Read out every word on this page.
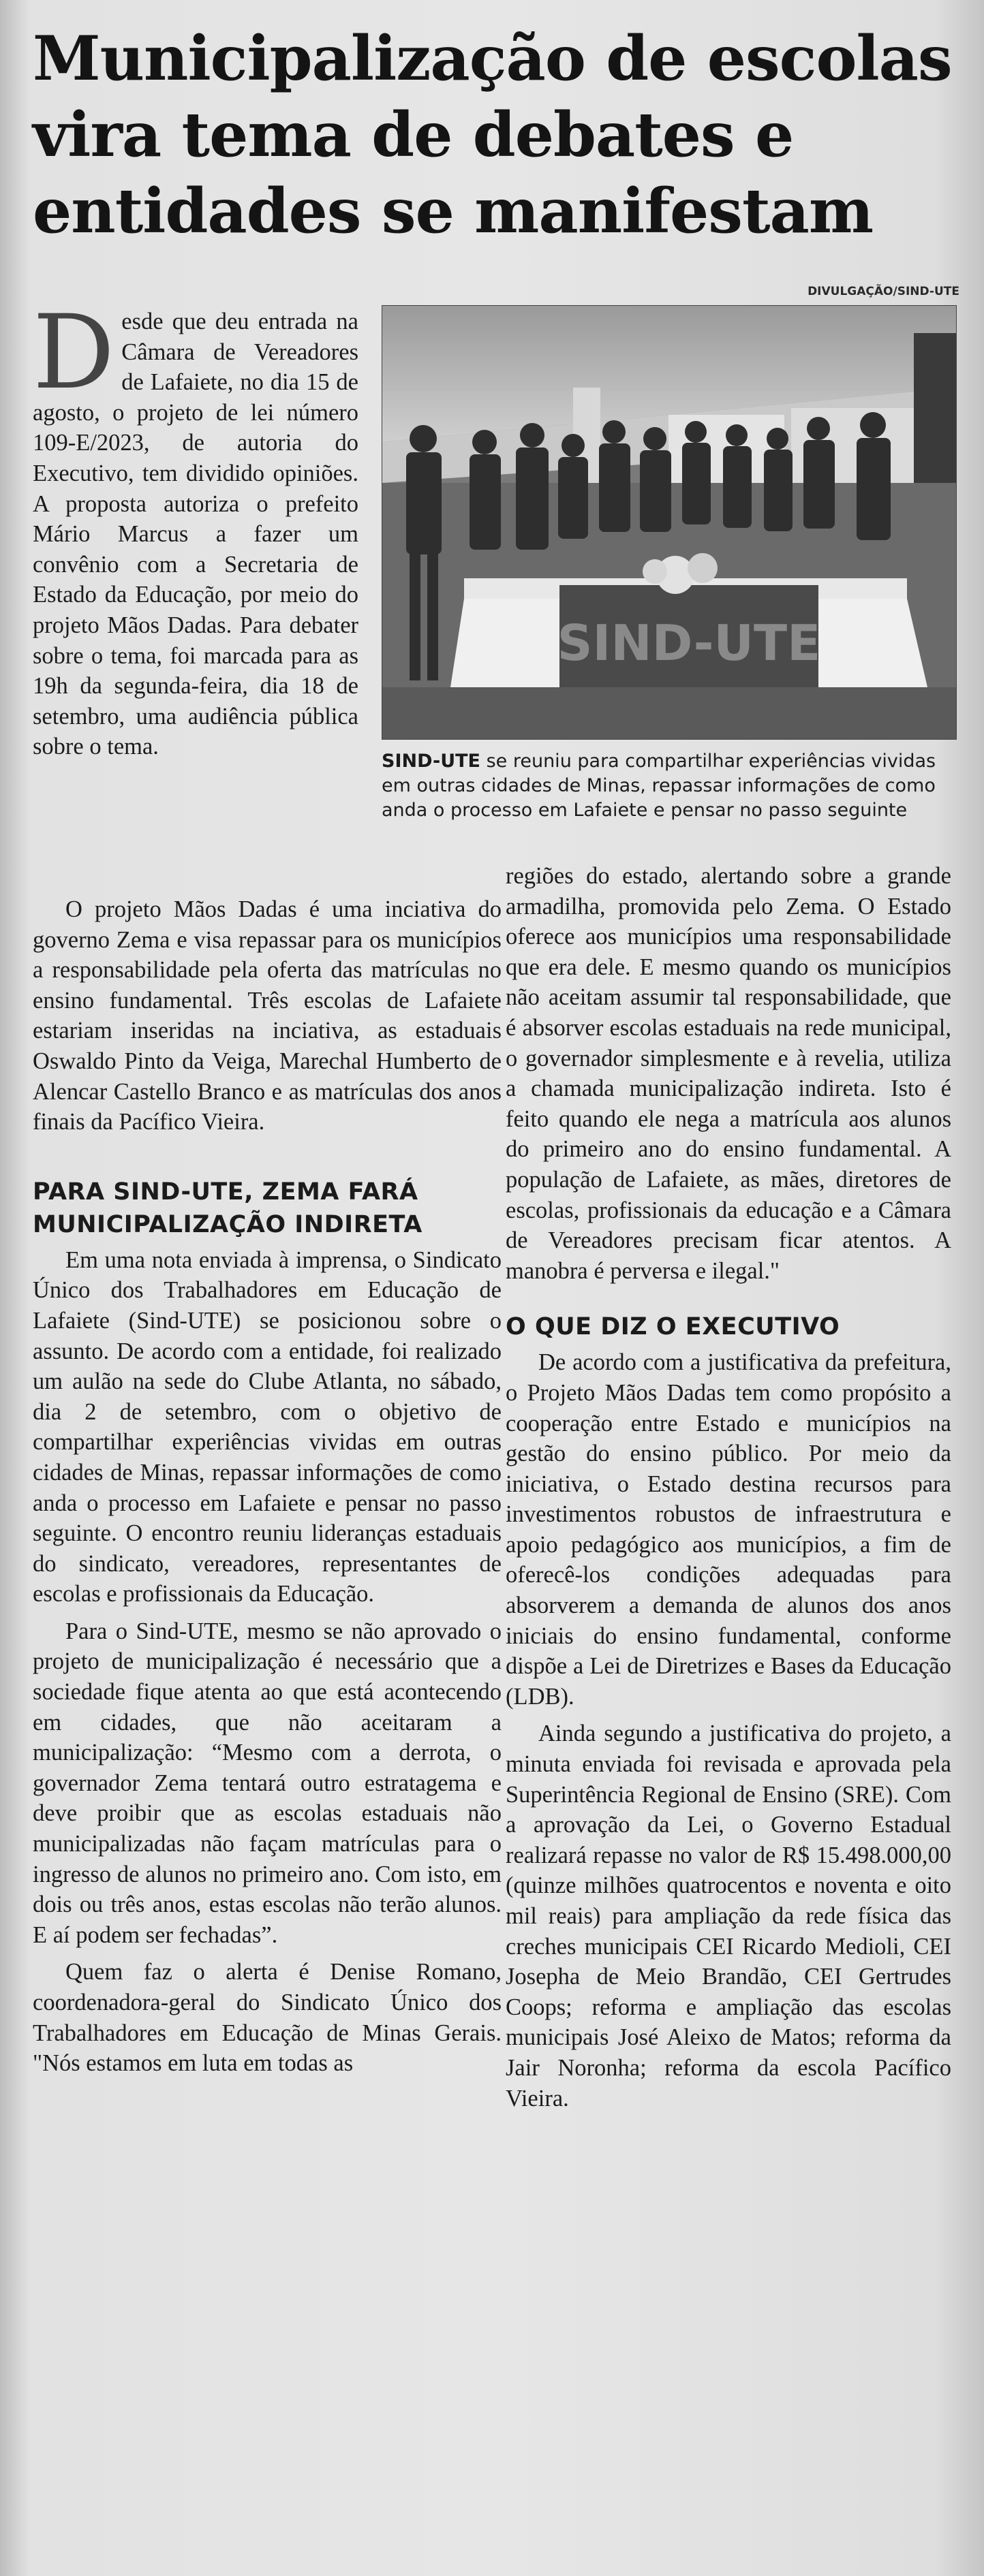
Municipalização de escolas vira tema de debates e entidades se manifestam
DIVULGAÇÃO/SIND-UTE
SIND-UTE
SIND-UTE se reuniu para compartilhar experiências vividas em outras cidades de Minas, repassar informações de como anda o processo em Lafaiete e pensar no passo seguinte

Desde que deu entrada na Câmara de Vereadores de Lafaiete, no dia 15 de agosto, o projeto de lei número 109-E/2023, de autoria do Executivo, tem dividido opiniões. A proposta autoriza o prefeito Mário Marcus a fazer um convênio com a Secretaria de Estado da Educação, por meio do projeto Mãos Dadas. Para debater sobre o tema, foi marcada para as 19h da segunda-feira, dia 18 de setembro, uma audiência pública sobre o tema.

O projeto Mãos Dadas é uma inciativa do governo Zema e visa repassar para os municípios a responsabilidade pela oferta das matrículas no ensino fundamental. Três escolas de Lafaiete estariam inseridas na inciativa, as estaduais Oswaldo Pinto da Veiga, Marechal Humberto de Alencar Castello Branco e as matrículas dos anos finais da Pacífico Vieira.

PARA SIND-UTE, ZEMA FARÁ MUNICIPALIZAÇÃO INDIRETA

Em uma nota enviada à imprensa, o Sindicato Único dos Trabalhadores em Educação de Lafaiete (Sind-UTE) se posicionou sobre o assunto. De acordo com a entidade, foi realizado um aulão na sede do Clube Atlanta, no sábado, dia 2 de setembro, com o objetivo de compartilhar experiências vividas em outras cidades de Minas, repassar informações de como anda o processo em Lafaiete e pensar no passo seguinte. O encontro reuniu lideranças estaduais do sindicato, vereadores, representantes de escolas e profissionais da Educação.

Para o Sind-UTE, mesmo se não aprovado o projeto de municipalização é necessário que a sociedade fique atenta ao que está acontecendo em cidades, que não aceitaram a municipalização: “Mesmo com a derrota, o governador Zema tentará outro estratagema e deve proibir que as escolas estaduais não municipalizadas não façam matrículas para o ingresso de alunos no primeiro ano. Com isto, em dois ou três anos, estas escolas não terão alunos. E aí podem ser fechadas”.

Quem faz o alerta é Denise Romano, coordenadora-geral do Sindicato Único dos Trabalhadores em Educação de Minas Gerais. "Nós estamos em luta em todas as

regiões do estado, alertando sobre a grande armadilha, promovida pelo Zema. O Estado oferece aos municípios uma responsabilidade que era dele. E mesmo quando os municípios não aceitam assumir tal responsabilidade, que é absorver escolas estaduais na rede municipal, o governador simplesmente e à revelia, utiliza a chamada municipalização indireta. Isto é feito quando ele nega a matrícula aos alunos do primeiro ano do ensino fundamental. A população de Lafaiete, as mães, diretores de escolas, profissionais da educação e a Câmara de Vereadores precisam ficar atentos. A manobra é perversa e ilegal."

O QUE DIZ O EXECUTIVO

De acordo com a justificativa da prefeitura, o Projeto Mãos Dadas tem como propósito a cooperação entre Estado e municípios na gestão do ensino público. Por meio da iniciativa, o Estado destina recursos para investimentos robustos de infraestrutura e apoio pedagógico aos municípios, a fim de oferecê-los condições adequadas para absorverem a demanda de alunos dos anos iniciais do ensino fundamental, conforme dispõe a Lei de Diretrizes e Bases da Educação (LDB).

Ainda segundo a justificativa do projeto, a minuta enviada foi revisada e aprovada pela Superintência Regional de Ensino (SRE). Com a aprovação da Lei, o Governo Estadual realizará repasse no valor de R$ 15.498.000,00 (quinze milhões quatrocentos e noventa e oito mil reais) para ampliação da rede física das creches municipais CEI Ricardo Medioli, CEI Josepha de Meio Brandão, CEI Gertrudes Coops; reforma e ampliação das escolas municipais José Aleixo de Matos; reforma da Jair Noronha; reforma da escola Pacífico Vieira.
